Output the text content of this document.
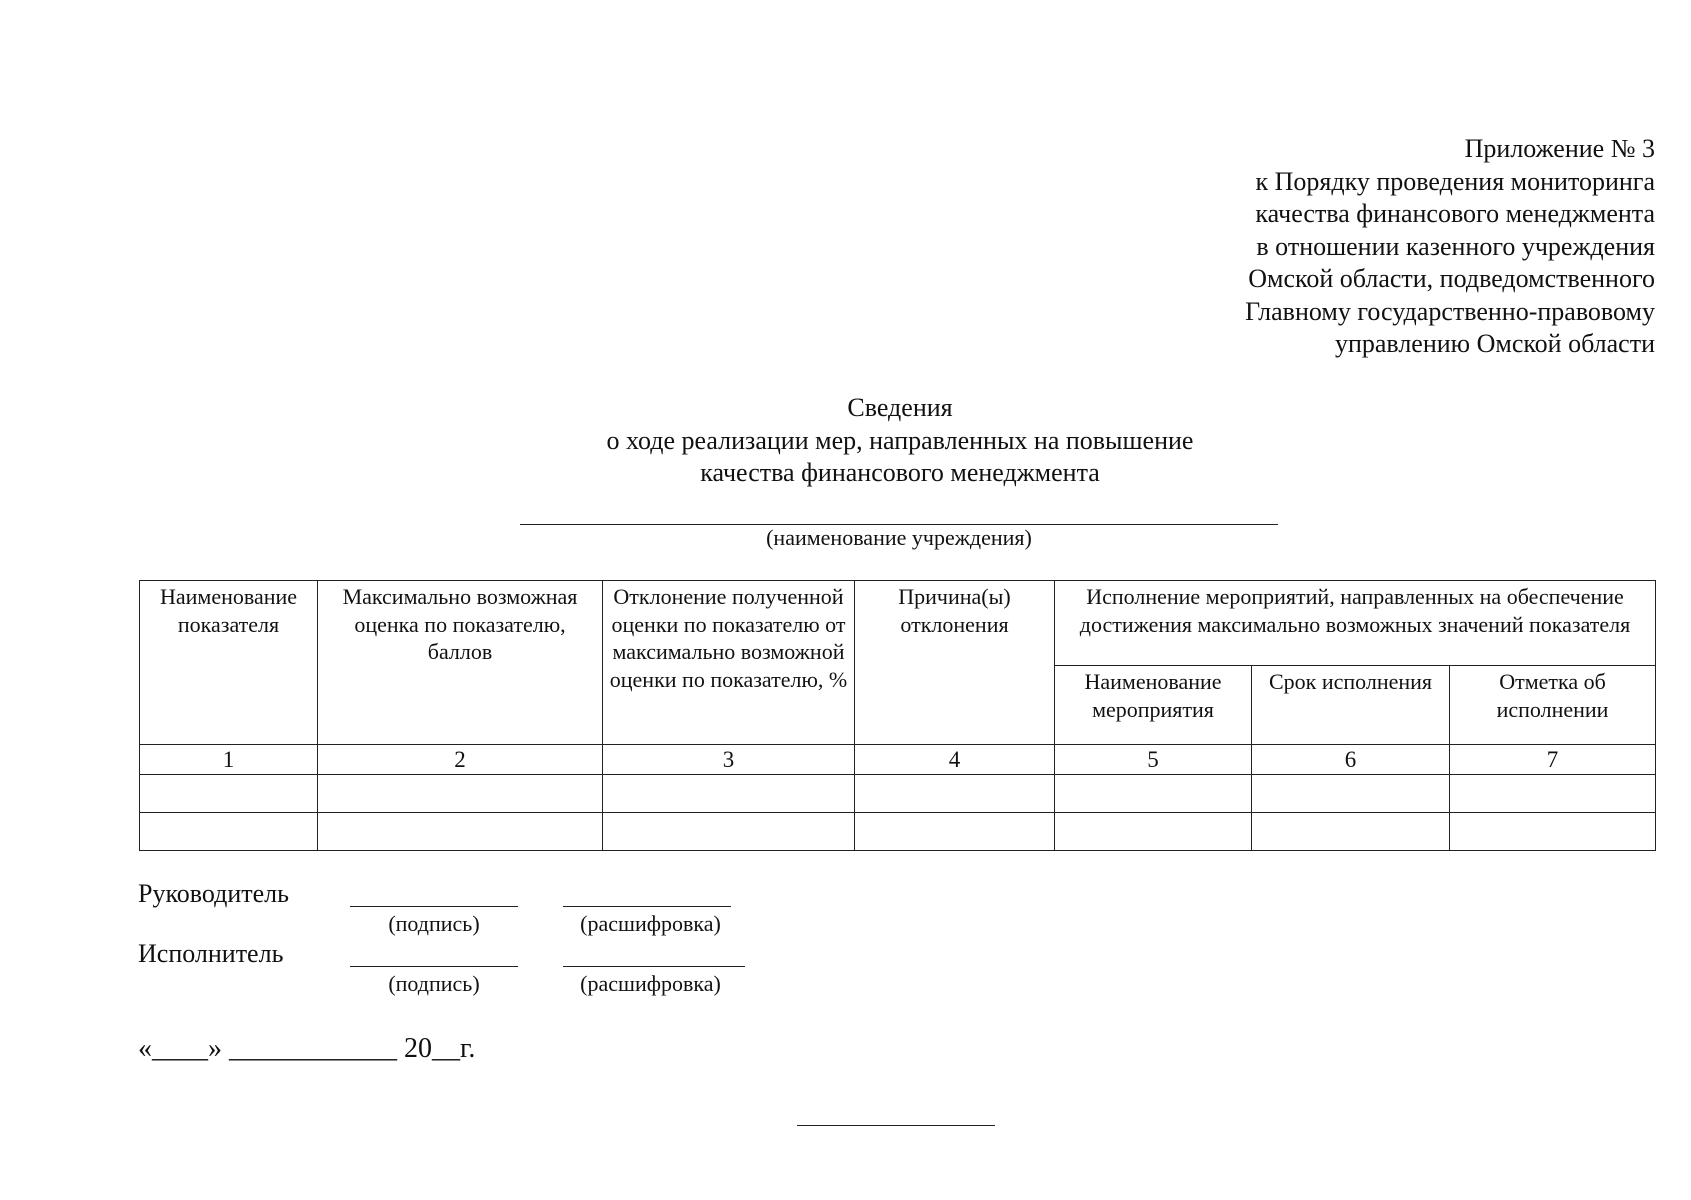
Приложение № 3
к Порядку проведения мониторинга
качества финансового менеджмента
в отношении казенного учреждения
Омской области, подведомственного
Главному государственно-правовому
управлению Омской области
Сведения
о ходе реализации мер, направленных на повышение
качества финансового менеджмента
(наименование учреждения)
Наименование показателя	Максимально возможная оценка по показателю, баллов	Отклонение полученной оценки по показателю от максимально возможной оценки по показателю, %	Причина(ы) отклонения	Исполнение мероприятий, направленных на обеспечение достижения максимально возможных значений показателя		
				Наименование мероприятия	Срок исполнения	Отметка об исполнении
1	2	3	4	5	6	7

Руководитель
(подпись)	(расшифровка)
Исполнитель
(подпись)	(расшифровка)
«____» ____________ 20__г.
